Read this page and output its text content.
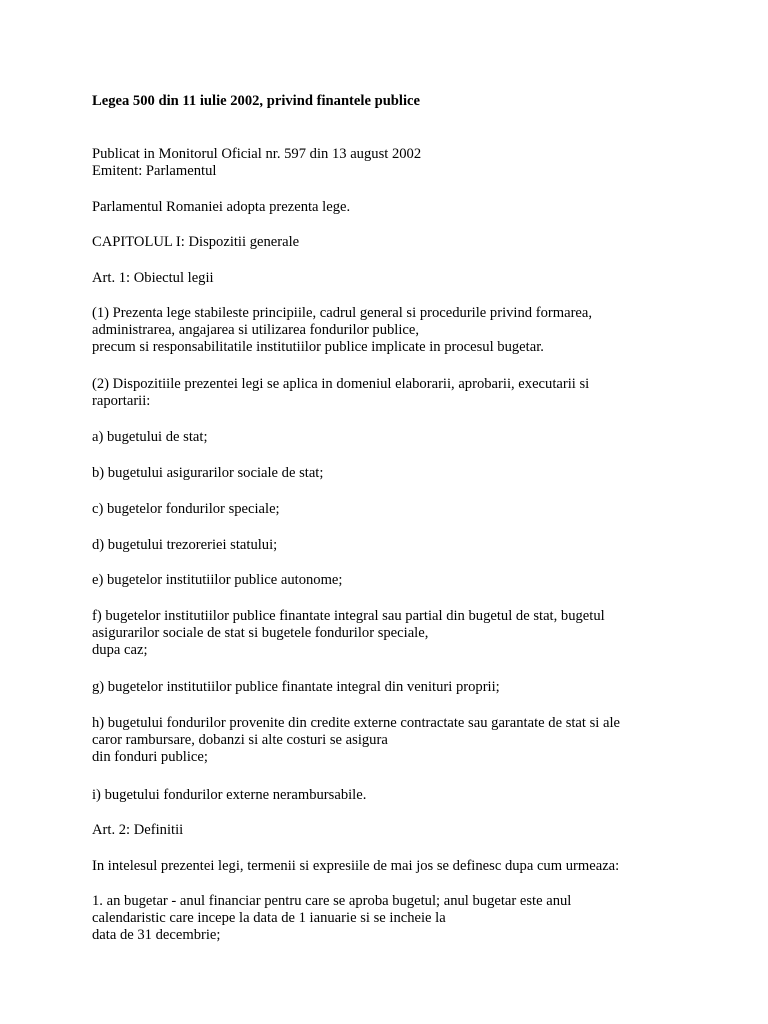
Legea 500 din 11 iulie 2002, privind finantele publice

Publicat in Monitorul Oficial nr. 597 din 13 august 2002
Emitent: Parlamentul

Parlamentul Romaniei adopta prezenta lege.

CAPITOLUL I: Dispozitii generale

Art. 1: Obiectul legii

(1) Prezenta lege stabileste principiile, cadrul general si procedurile privind formarea,
administrarea, angajarea si utilizarea fondurilor publice,
precum si responsabilitatile institutiilor publice implicate in procesul bugetar.

(2) Dispozitiile prezentei legi se aplica in domeniul elaborarii, aprobarii, executarii si
raportarii:

a) bugetului de stat;

b) bugetului asigurarilor sociale de stat;

c) bugetelor fondurilor speciale;

d) bugetului trezoreriei statului;

e) bugetelor institutiilor publice autonome;

f) bugetelor institutiilor publice finantate integral sau partial din bugetul de stat, bugetul
asigurarilor sociale de stat si bugetele fondurilor speciale,
dupa caz;

g) bugetelor institutiilor publice finantate integral din venituri proprii;

h) bugetului fondurilor provenite din credite externe contractate sau garantate de stat si ale
caror rambursare, dobanzi si alte costuri se asigura
din fonduri publice;

i) bugetului fondurilor externe nerambursabile.

Art. 2: Definitii

In intelesul prezentei legi, termenii si expresiile de mai jos se definesc dupa cum urmeaza:

1. an bugetar - anul financiar pentru care se aproba bugetul; anul bugetar este anul
calendaristic care incepe la data de 1 ianuarie si se incheie la
data de 31 decembrie;
